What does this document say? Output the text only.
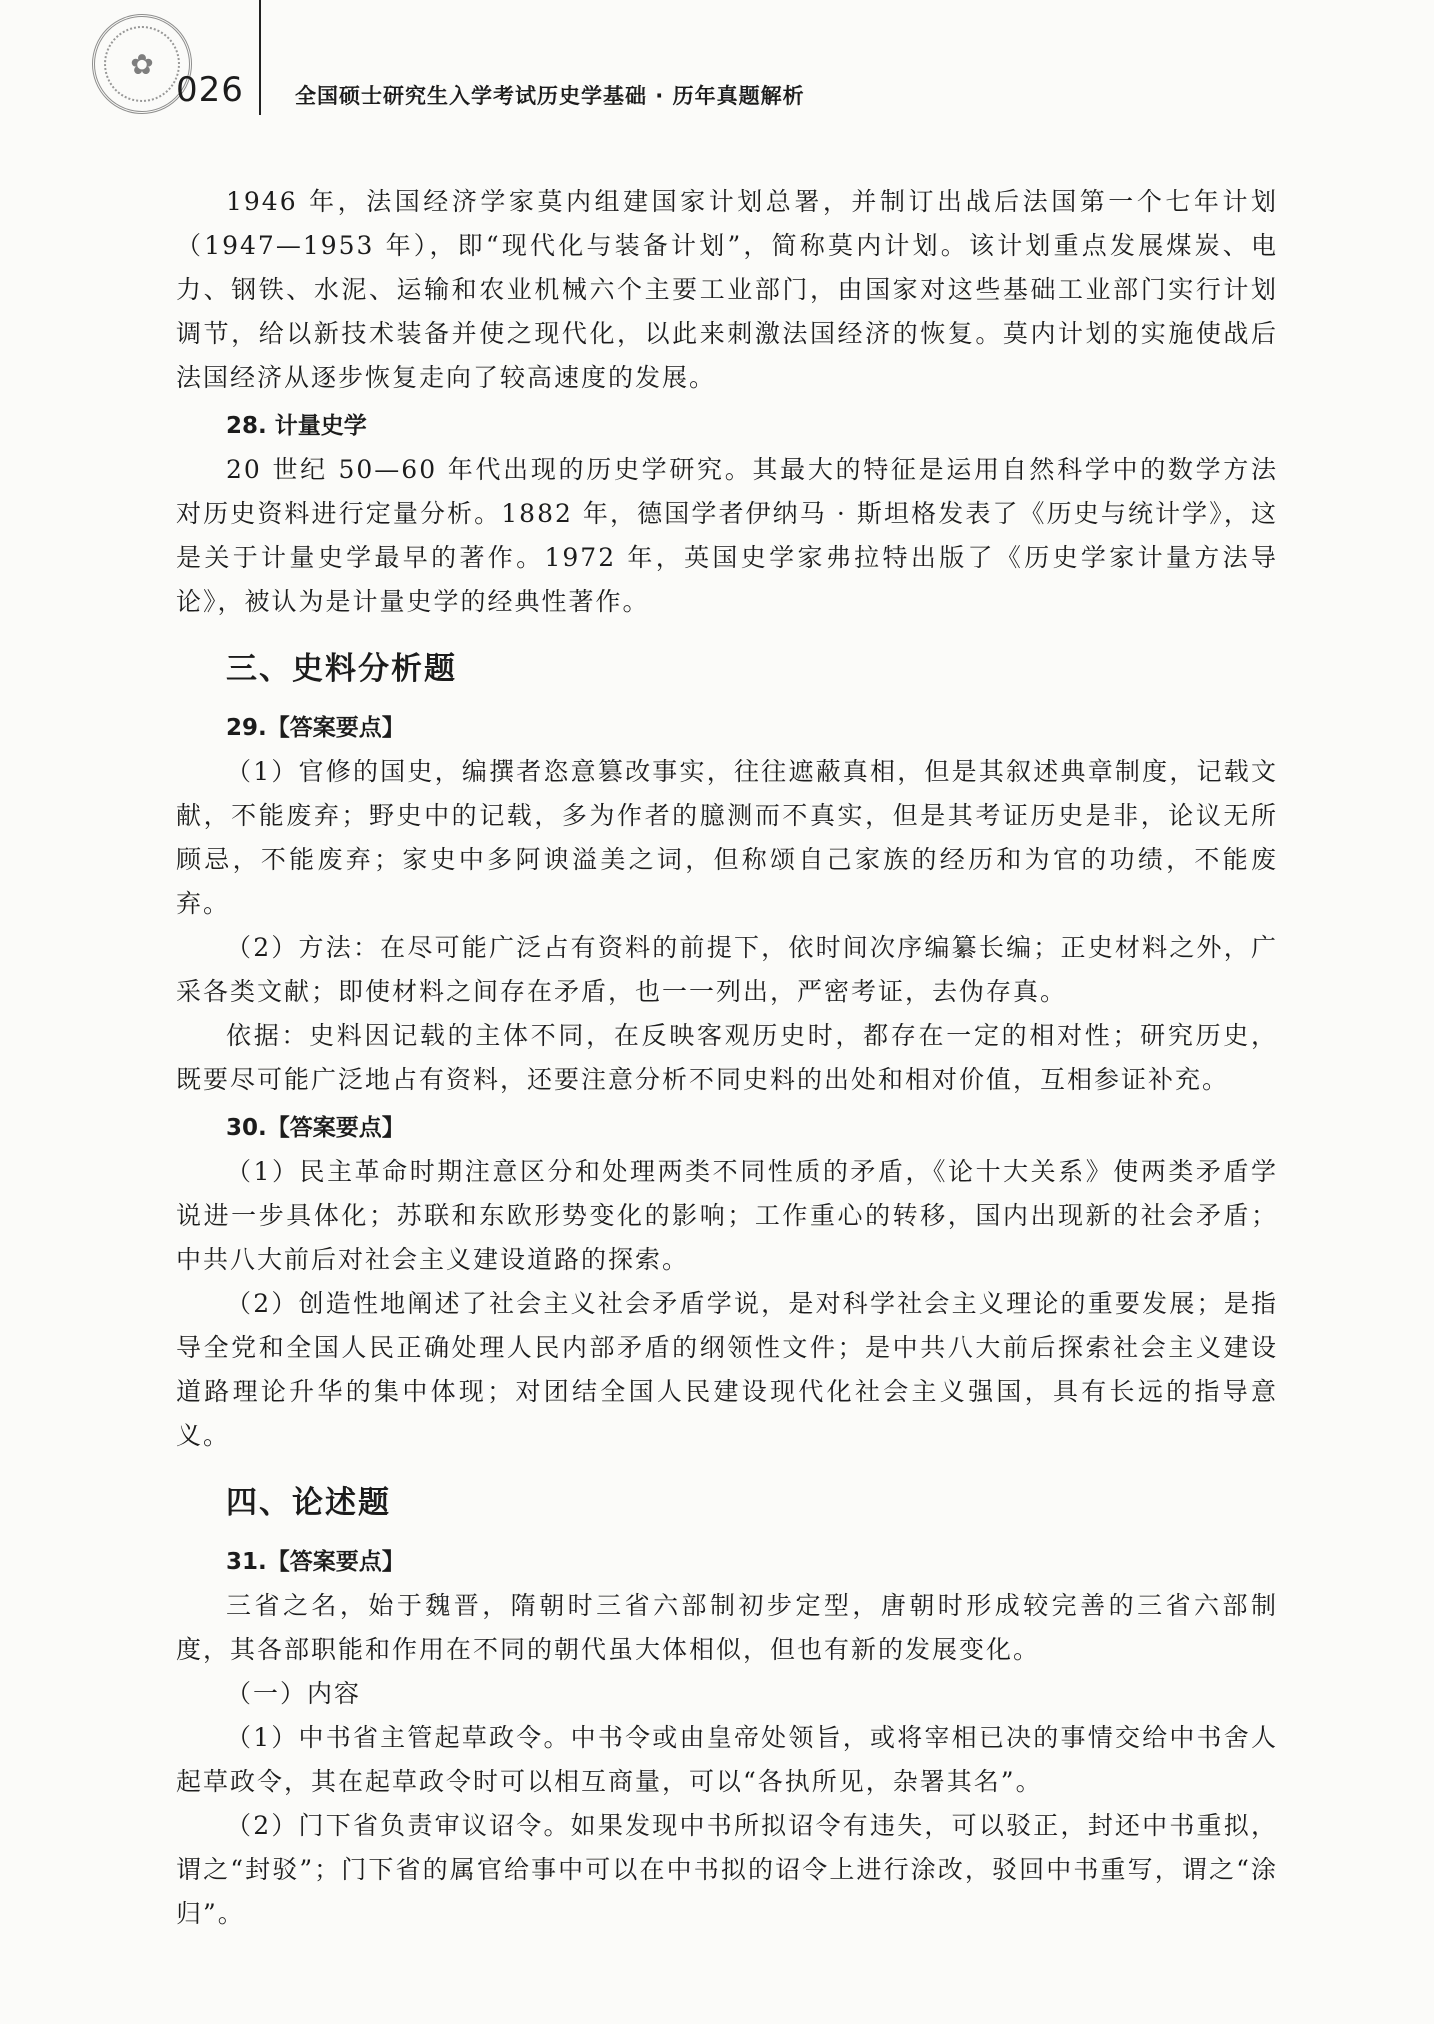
✿
026 全国硕士研究生入学考试历史学基础 · 历年真题解析

1946 年，法国经济学家莫内组建国家计划总署，并制订出战后法国第一个七年计划（1947—1953 年），即“现代化与装备计划”，简称莫内计划。该计划重点发展煤炭、电力、钢铁、水泥、运输和农业机械六个主要工业部门，由国家对这些基础工业部门实行计划调节，给以新技术装备并使之现代化，以此来刺激法国经济的恢复。莫内计划的实施使战后法国经济从逐步恢复走向了较高速度的发展。

28. 计量史学

20 世纪 50—60 年代出现的历史学研究。其最大的特征是运用自然科学中的数学方法对历史资料进行定量分析。1882 年，德国学者伊纳马 · 斯坦格发表了《历史与统计学》，这是关于计量史学最早的著作。1972 年，英国史学家弗拉特出版了《历史学家计量方法导论》，被认为是计量史学的经典性著作。

三、史料分析题
29.【答案要点】

（1）官修的国史，编撰者恣意篡改事实，往往遮蔽真相，但是其叙述典章制度，记载文献，不能废弃；野史中的记载，多为作者的臆测而不真实，但是其考证历史是非，论议无所顾忌，不能废弃；家史中多阿谀溢美之词，但称颂自己家族的经历和为官的功绩，不能废弃。

（2）方法：在尽可能广泛占有资料的前提下，依时间次序编纂长编；正史材料之外，广采各类文献；即使材料之间存在矛盾，也一一列出，严密考证，去伪存真。

依据：史料因记载的主体不同，在反映客观历史时，都存在一定的相对性；研究历史，既要尽可能广泛地占有资料，还要注意分析不同史料的出处和相对价值，互相参证补充。

30.【答案要点】

（1）民主革命时期注意区分和处理两类不同性质的矛盾，《论十大关系》使两类矛盾学说进一步具体化；苏联和东欧形势变化的影响；工作重心的转移，国内出现新的社会矛盾；中共八大前后对社会主义建设道路的探索。

（2）创造性地阐述了社会主义社会矛盾学说，是对科学社会主义理论的重要发展；是指导全党和全国人民正确处理人民内部矛盾的纲领性文件；是中共八大前后探索社会主义建设道路理论升华的集中体现；对团结全国人民建设现代化社会主义强国，具有长远的指导意义。

四、论述题
31.【答案要点】

三省之名，始于魏晋，隋朝时三省六部制初步定型，唐朝时形成较完善的三省六部制度，其各部职能和作用在不同的朝代虽大体相似，但也有新的发展变化。

（一）内容

（1）中书省主管起草政令。中书令或由皇帝处领旨，或将宰相已决的事情交给中书舍人起草政令，其在起草政令时可以相互商量，可以“各执所见，杂署其名”。

（2）门下省负责审议诏令。如果发现中书所拟诏令有违失，可以驳正，封还中书重拟，谓之“封驳”；门下省的属官给事中可以在中书拟的诏令上进行涂改，驳回中书重写，谓之“涂归”。
